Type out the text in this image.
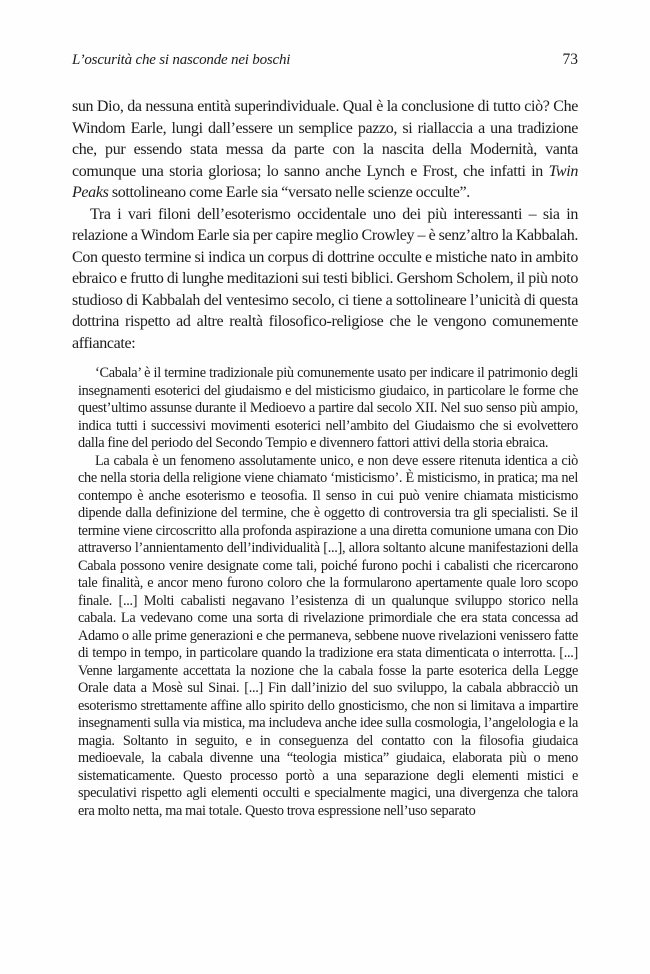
L’oscurità che si nasconde nei boschi	73

sun Dio, da nessuna entità superindividuale. Qual è la conclusione di tutto ciò? Che Windom Earle, lungi dall’essere un semplice pazzo, si riallaccia a una tradizione che, pur essendo stata messa da parte con la nascita della Modernità, vanta comunque una storia gloriosa; lo sanno anche Lynch e Frost, che infatti in Twin Peaks sottolineano come Earle sia “versato nelle scienze occulte”.

Tra i vari filoni dell’esoterismo occidentale uno dei più interessanti – sia in relazione a Windom Earle sia per capire meglio Crowley – è senz’altro la Kabbalah. Con questo termine si indica un corpus di dottrine occulte e mistiche nato in ambito ebraico e frutto di lunghe meditazioni sui testi biblici. Gershom Scholem, il più noto studioso di Kabbalah del ventesimo secolo, ci tiene a sottolineare l’unicità di questa dottrina rispetto ad altre realtà filosofico-religiose che le vengono comunemente affiancate:

‘Cabala’ è il termine tradizionale più comunemente usato per indicare il patrimonio degli insegnamenti esoterici del giudaismo e del misticismo giudaico, in particolare le forme che quest’ultimo assunse durante il Medioevo a partire dal secolo XII. Nel suo senso più ampio, indica tutti i successivi movimenti esoterici nell’ambito del Giudaismo che si evolvettero dalla fine del periodo del Secondo Tempio e divennero fattori attivi della storia ebraica.

La cabala è un fenomeno assolutamente unico, e non deve essere ritenuta identica a ciò che nella storia della religione viene chiamato ‘misticismo’. È misticismo, in pratica; ma nel contempo è anche esoterismo e teosofia. Il senso in cui può venire chiamata misticismo dipende dalla definizione del termine, che è oggetto di controversia tra gli specialisti. Se il termine viene circoscritto alla profonda aspirazione a una diretta comunione umana con Dio attraverso l’annientamento dell’individualità [...], allora soltanto alcune manifestazioni della Cabala possono venire designate come tali, poiché furono pochi i cabalisti che ricercarono tale finalità, e ancor meno furono coloro che la formularono apertamente quale loro scopo finale. [...] Molti cabalisti negavano l’esistenza di un qualunque sviluppo storico nella cabala. La vedevano come una sorta di rivelazione primordiale che era stata concessa ad Adamo o alle prime generazioni e che permaneva, sebbene nuove rivelazioni venissero fatte di tempo in tempo, in particolare quando la tradizione era stata dimenticata o interrotta. [...] Venne largamente accettata la nozione che la cabala fosse la parte esoterica della Legge Orale data a Mosè sul Sinai. [...] Fin dall’inizio del suo sviluppo, la cabala abbracciò un esoterismo strettamente affine allo spirito dello gnosticismo, che non si limitava a impartire insegnamenti sulla via mistica, ma includeva anche idee sulla cosmologia, l’angelologia e la magia. Soltanto in seguito, e in conseguenza del contatto con la filosofia giudaica medioevale, la cabala divenne una “teologia mistica” giudaica, elaborata più o meno sistematicamente. Questo processo portò a una separazione degli elementi mistici e speculativi rispetto agli elementi occulti e specialmente magici, una divergenza che talora era molto netta, ma mai totale. Questo trova espressione nell’uso separato
